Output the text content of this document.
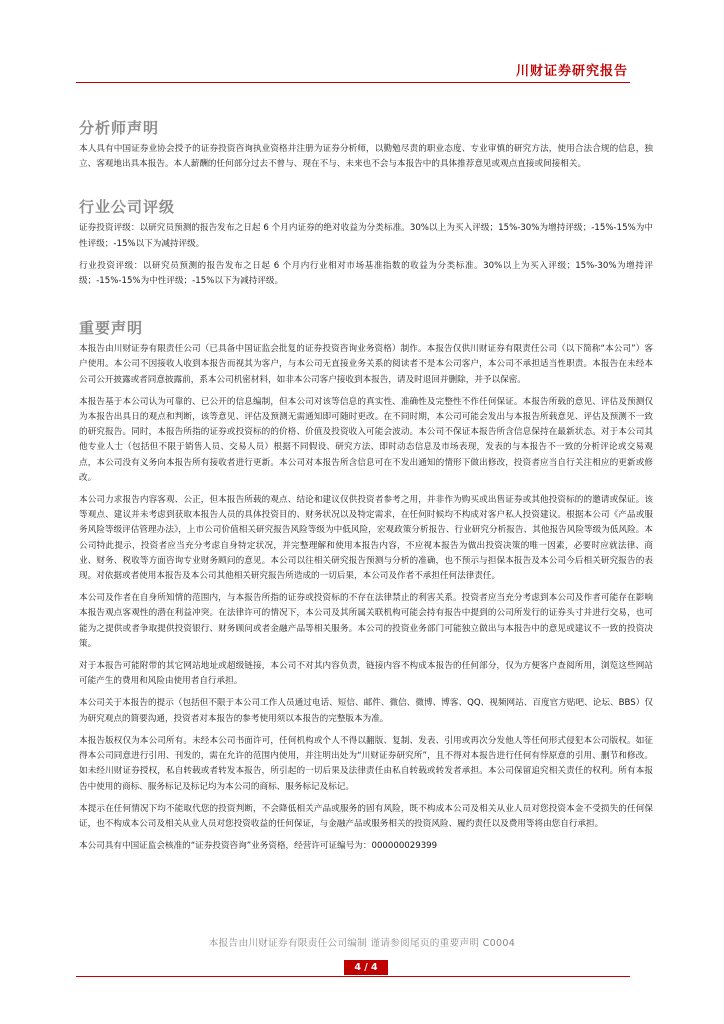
川财证券研究报告
分析师声明

本人具有中国证券业协会授予的证券投资咨询执业资格并注册为证券分析师，以勤勉尽责的职业态度、专业审慎的研究方法，使用合法合规的信息，独立、客观地出具本报告。本人薪酬的任何部分过去不曾与、现在不与、未来也不会与本报告中的具体推荐意见或观点直接或间接相关。

行业公司评级

证券投资评级：以研究员预测的报告发布之日起 6 个月内证券的绝对收益为分类标准。30%以上为买入评级；15%-30%为增持评级；-15%-15%为中性评级；-15%以下为减持评级。

行业投资评级：以研究员预测的报告发布之日起 6 个月内行业相对市场基准指数的收益为分类标准。30%以上为买入评级；15%-30%为增持评级；-15%-15%为中性评级；-15%以下为减持评级。

重要声明

本报告由川财证券有限责任公司（已具备中国证监会批复的证券投资咨询业务资格）制作。本报告仅供川财证券有限责任公司（以下简称“本公司”）客户使用。本公司不因接收人收到本报告而视其为客户，与本公司无直接业务关系的阅读者不是本公司客户，本公司不承担适当性职责。本报告在未经本公司公开披露或者同意披露前，系本公司机密材料，如非本公司客户接收到本报告，请及时退回并删除，并予以保密。

本报告基于本公司认为可靠的、已公开的信息编制，但本公司对该等信息的真实性、准确性及完整性不作任何保证。本报告所载的意见、评估及预测仅为本报告出具日的观点和判断，该等意见、评估及预测无需通知即可随时更改。在不同时期，本公司可能会发出与本报告所载意见、评估及预测不一致的研究报告。同时，本报告所指的证券或投资标的的价格、价值及投资收入可能会波动。本公司不保证本报告所含信息保持在最新状态。对于本公司其他专业人士（包括但不限于销售人员、交易人员）根据不同假设、研究方法、即时动态信息及市场表现，发表的与本报告不一致的分析评论或交易观点，本公司没有义务向本报告所有接收者进行更新。本公司对本报告所含信息可在不发出通知的情形下做出修改，投资者应当自行关注相应的更新或修改。

本公司力求报告内容客观、公正，但本报告所载的观点、结论和建议仅供投资者参考之用，并非作为购买或出售证券或其他投资标的的邀请或保证。该等观点、建议并未考虑到获取本报告人员的具体投资目的、财务状况以及特定需求，在任何时候均不构成对客户私人投资建议。根据本公司《产品或服务风险等级评估管理办法》，上市公司价值相关研究报告风险等级为中低风险，宏观政策分析报告、行业研究分析报告、其他报告风险等级为低风险。本公司特此提示，投资者应当充分考虑自身特定状况，并完整理解和使用本报告内容，不应视本报告为做出投资决策的唯一因素，必要时应就法律、商业、财务、税收等方面咨询专业财务顾问的意见。本公司以往相关研究报告预测与分析的准确，也不预示与担保本报告及本公司今后相关研究报告的表现。对依据或者使用本报告及本公司其他相关研究报告所造成的一切后果，本公司及作者不承担任何法律责任。

本公司及作者在自身所知情的范围内，与本报告所指的证券或投资标的不存在法律禁止的利害关系。投资者应当充分考虑到本公司及作者可能存在影响本报告观点客观性的潜在利益冲突。在法律许可的情况下，本公司及其所属关联机构可能会持有报告中提到的公司所发行的证券头寸并进行交易，也可能为之提供或者争取提供投资银行、财务顾问或者金融产品等相关服务。本公司的投资业务部门可能独立做出与本报告中的意见或建议不一致的投资决策。

对于本报告可能附带的其它网站地址或超级链接，本公司不对其内容负责，链接内容不构成本报告的任何部分，仅为方便客户查阅所用，浏览这些网站可能产生的费用和风险由使用者自行承担。

本公司关于本报告的提示（包括但不限于本公司工作人员通过电话、短信、邮件、微信、微博、博客、QQ、视频网站、百度官方贴吧、论坛、BBS）仅为研究观点的简要沟通，投资者对本报告的参考使用须以本报告的完整版本为准。

本报告版权仅为本公司所有。未经本公司书面许可，任何机构或个人不得以翻版、复制、发表、引用或再次分发他人等任何形式侵犯本公司版权。如征得本公司同意进行引用、刊发的，需在允许的范围内使用，并注明出处为“川财证券研究所”，且不得对本报告进行任何有悖原意的引用、删节和修改。如未经川财证券授权，私自转载或者转发本报告，所引起的一切后果及法律责任由私自转载或转发者承担。本公司保留追究相关责任的权利。所有本报告中使用的商标、服务标记及标记均为本公司的商标、服务标记及标记。

本提示在任何情况下均不能取代您的投资判断，不会降低相关产品或服务的固有风险，既不构成本公司及相关从业人员对您投资本金不受损失的任何保证，也不构成本公司及相关从业人员对您投资收益的任何保证，与金融产品或服务相关的投资风险、履约责任以及费用等将由您自行承担。

本公司具有中国证监会核准的“证券投资咨询”业务资格，经营许可证编号为：000000029399

本报告由川财证券有限责任公司编制 谨请参阅尾页的重要声明 C0004
4 / 4
